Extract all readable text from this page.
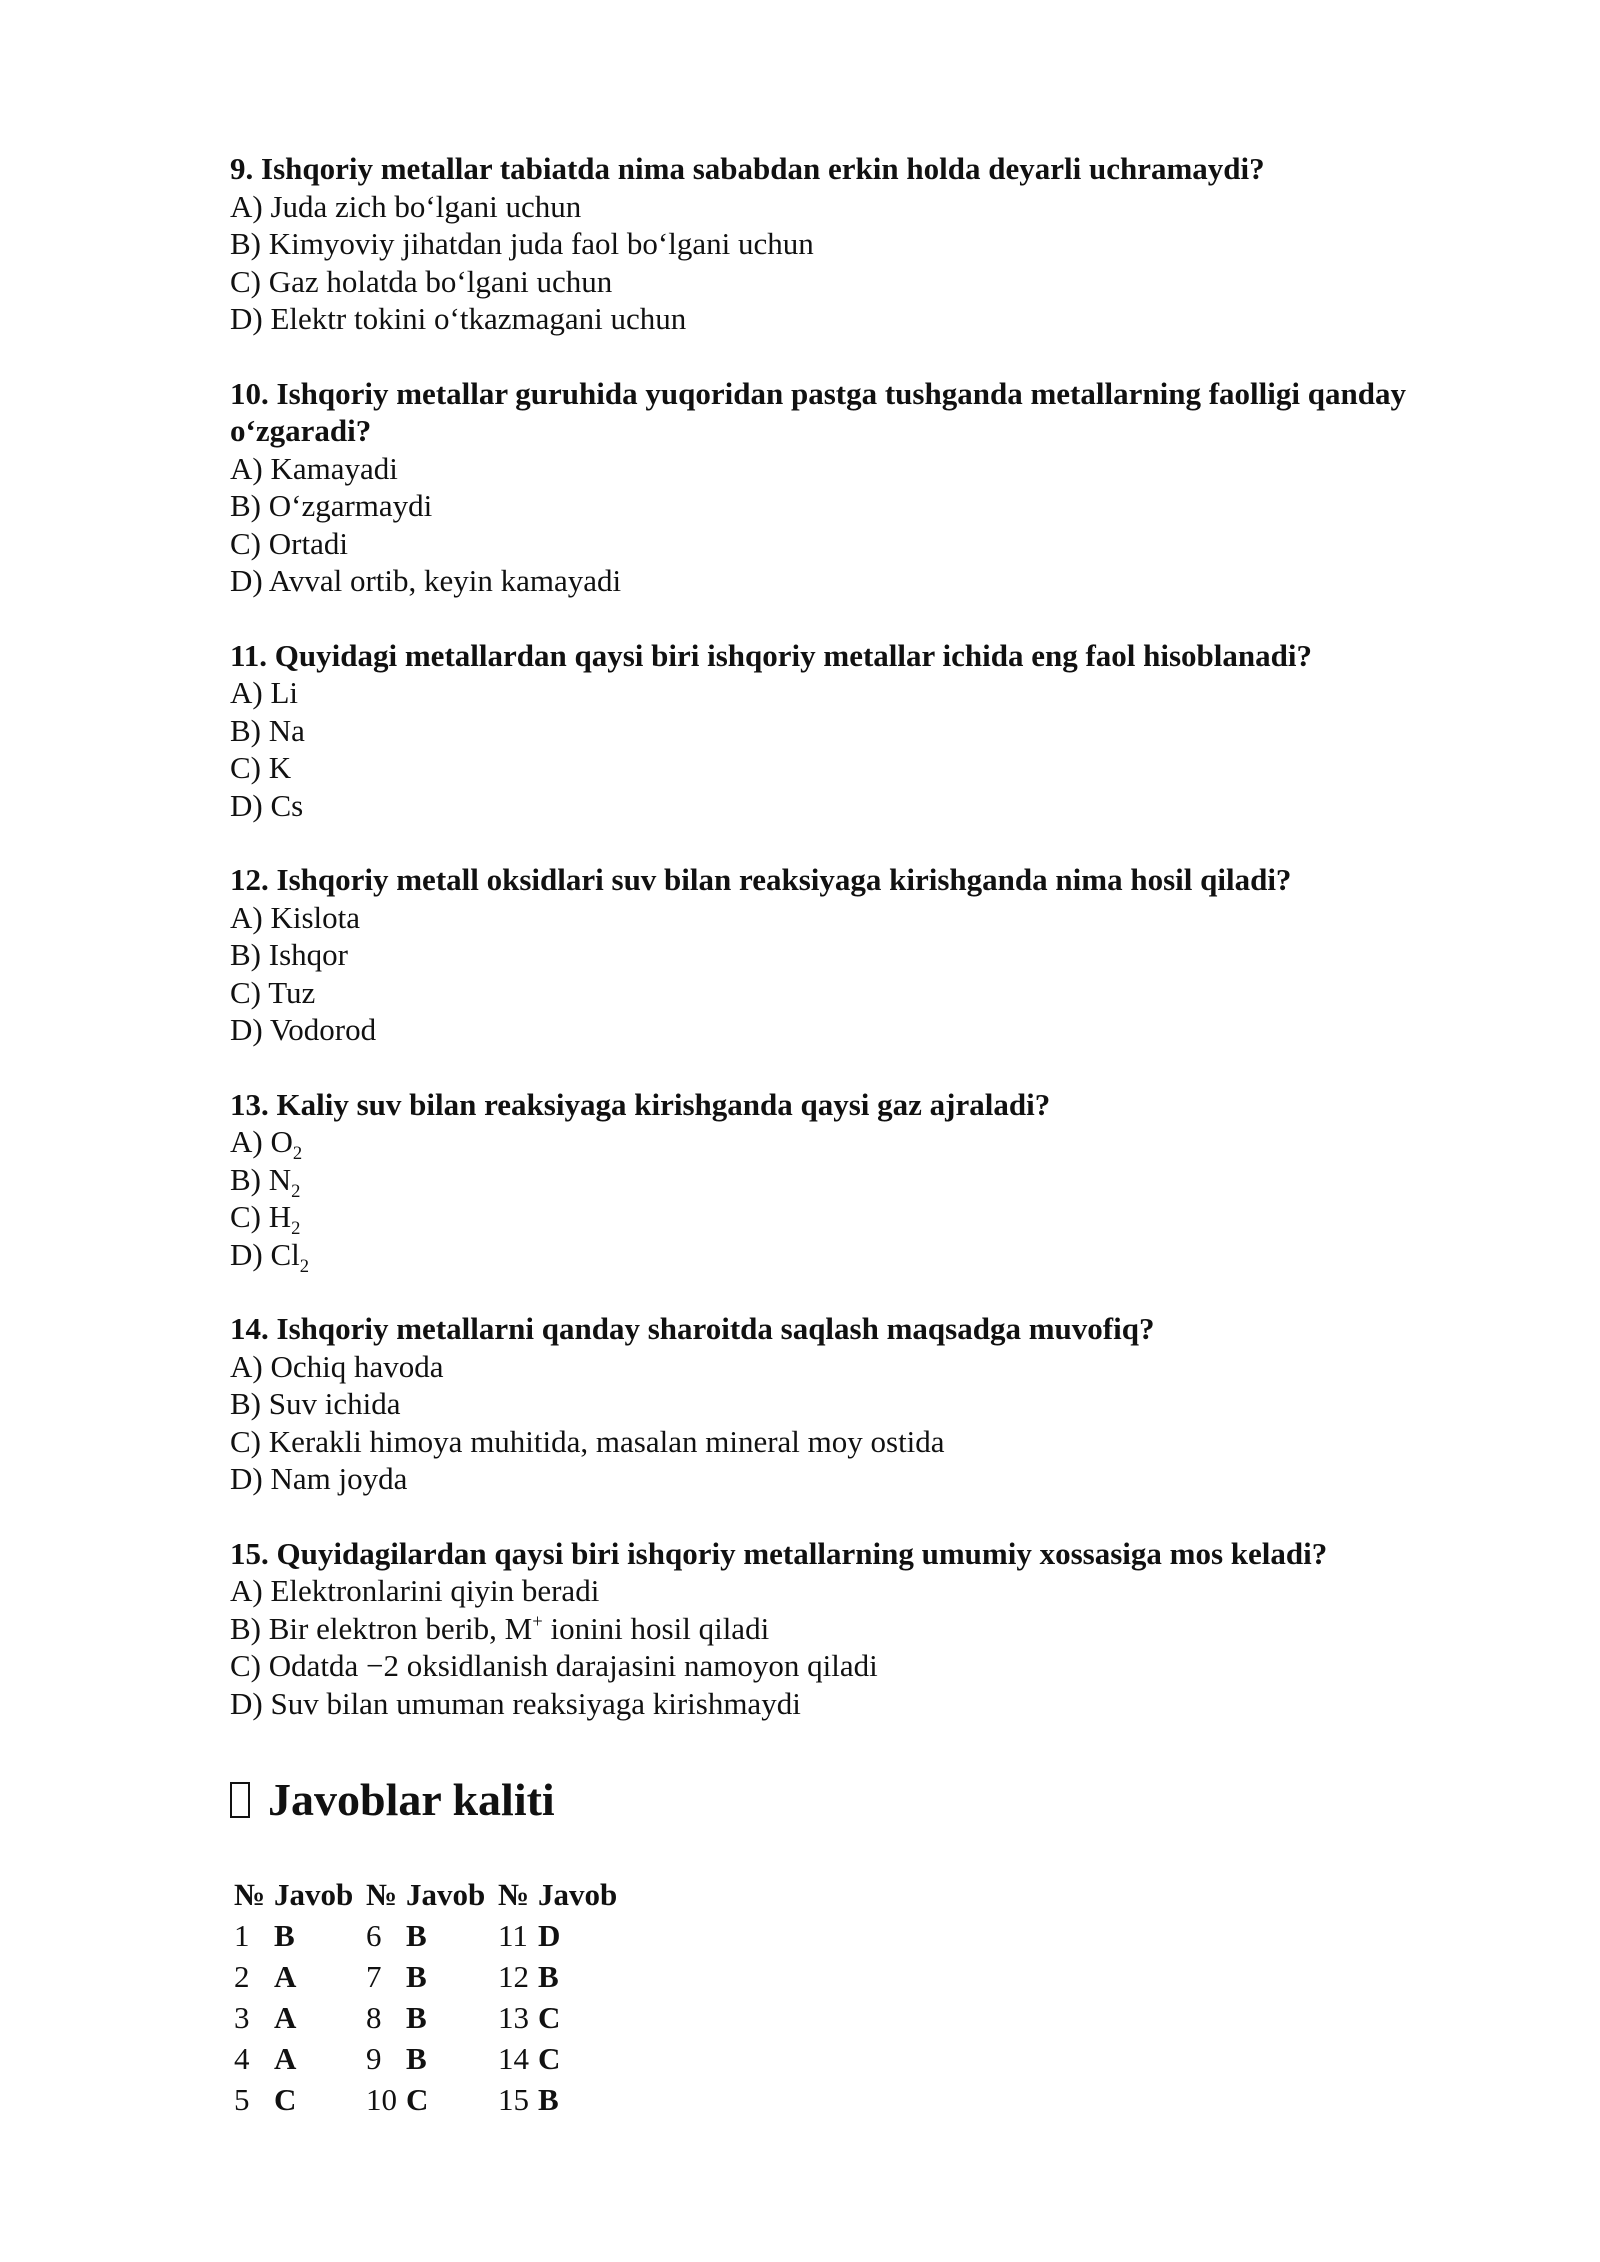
9. Ishqoriy metallar tabiatda nima sababdan erkin holda deyarli uchramaydi?

A) Juda zich bo‘lgani uchun
B) Kimyoviy jihatdan juda faol bo‘lgani uchun
C) Gaz holatda bo‘lgani uchun
D) Elektr tokini o‘tkazmagani uchun

10. Ishqoriy metallar guruhida yuqoridan pastga tushganda metallarning faolligi qanday o‘zgaradi?

A) Kamayadi
B) O‘zgarmaydi
C) Ortadi
D) Avval ortib, keyin kamayadi

11. Quyidagi metallardan qaysi biri ishqoriy metallar ichida eng faol hisoblanadi?

A) Li
B) Na
C) K
D) Cs

12. Ishqoriy metall oksidlari suv bilan reaksiyaga kirishganda nima hosil qiladi?

A) Kislota
B) Ishqor
C) Tuz
D) Vodorod

13. Kaliy suv bilan reaksiyaga kirishganda qaysi gaz ajraladi?

A) $O_2$
B) $N_2$
C) $H_2$
D) $Cl_2$

14. Ishqoriy metallarni qanday sharoitda saqlash maqsadga muvofiq?

A) Ochiq havoda
B) Suv ichida
C) Kerakli himoya muhitida, masalan mineral moy ostida
D) Nam joyda

15. Quyidagilardan qaysi biri ishqoriy metallarning umumiy xossasiga mos keladi?

A) Elektronlarini qiyin beradi
B) Bir elektron berib, M+ ionini hosil qiladi
C) Odatda −2 oksidlanish darajasini namoyon qiladi
D) Suv bilan umuman reaksiyaga kirishmaydi
Javoblar kaliti
№	Javob	№	Javob	№	Javob
1	B	6	B	11	D
2	A	7	B	12	B
3	A	8	B	13	C
4	A	9	B	14	C
5	C	10	C	15	B
